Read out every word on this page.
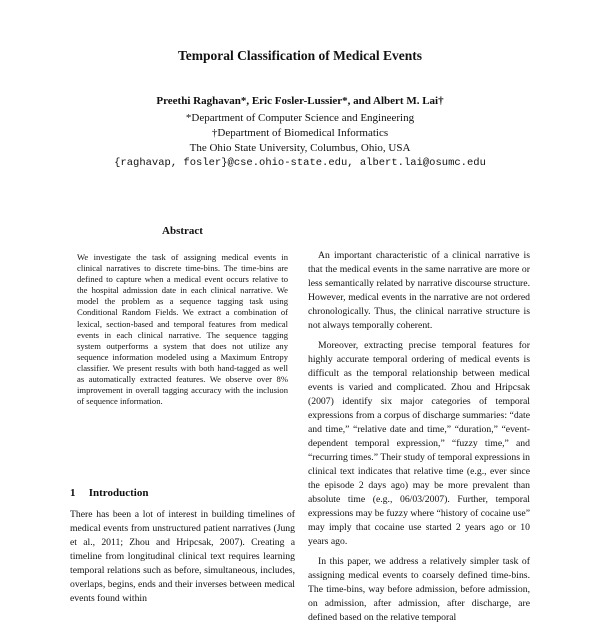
Temporal Classification of Medical Events
Preethi Raghavan*, Eric Fosler-Lussier*, and Albert M. Lai†
*Department of Computer Science and Engineering
†Department of Biomedical Informatics
The Ohio State University, Columbus, Ohio, USA
{raghavap, fosler}@cse.ohio-state.edu, albert.lai@osumc.edu
Abstract
We investigate the task of assigning medical events in clinical narratives to discrete time-bins. The time-bins are defined to capture when a medical event occurs relative to the hospital admission date in each clinical narrative. We model the problem as a sequence tagging task using Conditional Random Fields. We extract a combination of lexical, section-based and temporal features from medical events in each clinical narrative. The sequence tagging system outperforms a system that does not utilize any sequence information modeled using a Maximum Entropy classifier. We present results with both hand-tagged as well as automatically extracted features. We observe over 8% improvement in overall tagging accuracy with the inclusion of sequence information.
1 Introduction
There has been a lot of interest in building timelines of medical events from unstructured patient narratives (Jung et al., 2011; Zhou and Hripcsak, 2007). Creating a timeline from longitudinal clinical text requires learning temporal relations such as before, simultaneous, includes, overlaps, begins, ends and their inverses between medical events found within

An important characteristic of a clinical narrative is that the medical events in the same narrative are more or less semantically related by narrative discourse structure. However, medical events in the narrative are not ordered chronologically. Thus, the clinical narrative structure is not always temporally coherent.

Moreover, extracting precise temporal features for highly accurate temporal ordering of medical events is difficult as the temporal relationship between medical events is varied and complicated. Zhou and Hripcsak (2007) identify six major categories of temporal expressions from a corpus of discharge summaries: “date and time,” “relative date and time,” “duration,” “event-dependent temporal expression,” “fuzzy time,” and “recurring times.” Their study of temporal expressions in clinical text indicates that relative time (e.g., ever since the episode 2 days ago) may be more prevalent than absolute time (e.g., 06/03/2007). Further, temporal expressions may be fuzzy where “history of cocaine use” may imply that cocaine use started 2 years ago or 10 years ago.

In this paper, we address a relatively simpler task of assigning medical events to coarsely defined time-bins. The time-bins, way before admission, before admission, on admission, after admission, after discharge, are defined based on the relative temporal
